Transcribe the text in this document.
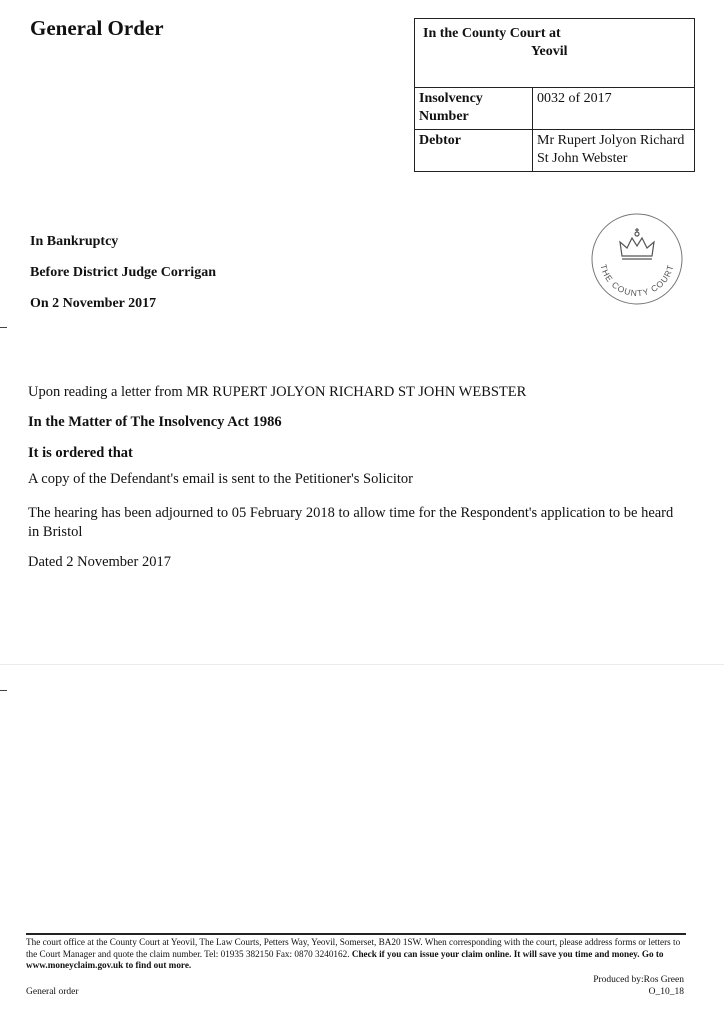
General Order	In the County Court at
Yeovil
Insolvency Number
0032 of 2017
Debtor	Mr Rupert Jolyon Richard St John Webster
THE COUNTY COURT

In Bankruptcy

Before District Judge Corrigan

On 2 November 2017

Upon reading a letter from MR RUPERT JOLYON RICHARD ST JOHN WEBSTER

In the Matter of The Insolvency Act 1986

It is ordered that

A copy of the Defendant's email is sent to the Petitioner's Solicitor

The hearing has been adjourned to 05 February 2018 to allow time for the Respondent's application to be heard in Bristol

Dated 2 November 2017

The court office at the County Court at Yeovil, The Law Courts, Petters Way, Yeovil, Somerset, BA20 1SW. When corresponding with the court, please address forms or letters to the Court Manager and quote the claim number. Tel: 01935 382150 Fax: 0870 3240162. Check if you can issue your claim online. It will save you time and money. Go to www.moneyclaim.gov.uk to find out more.

Produced by:Ros Green
O_10_18
General order
